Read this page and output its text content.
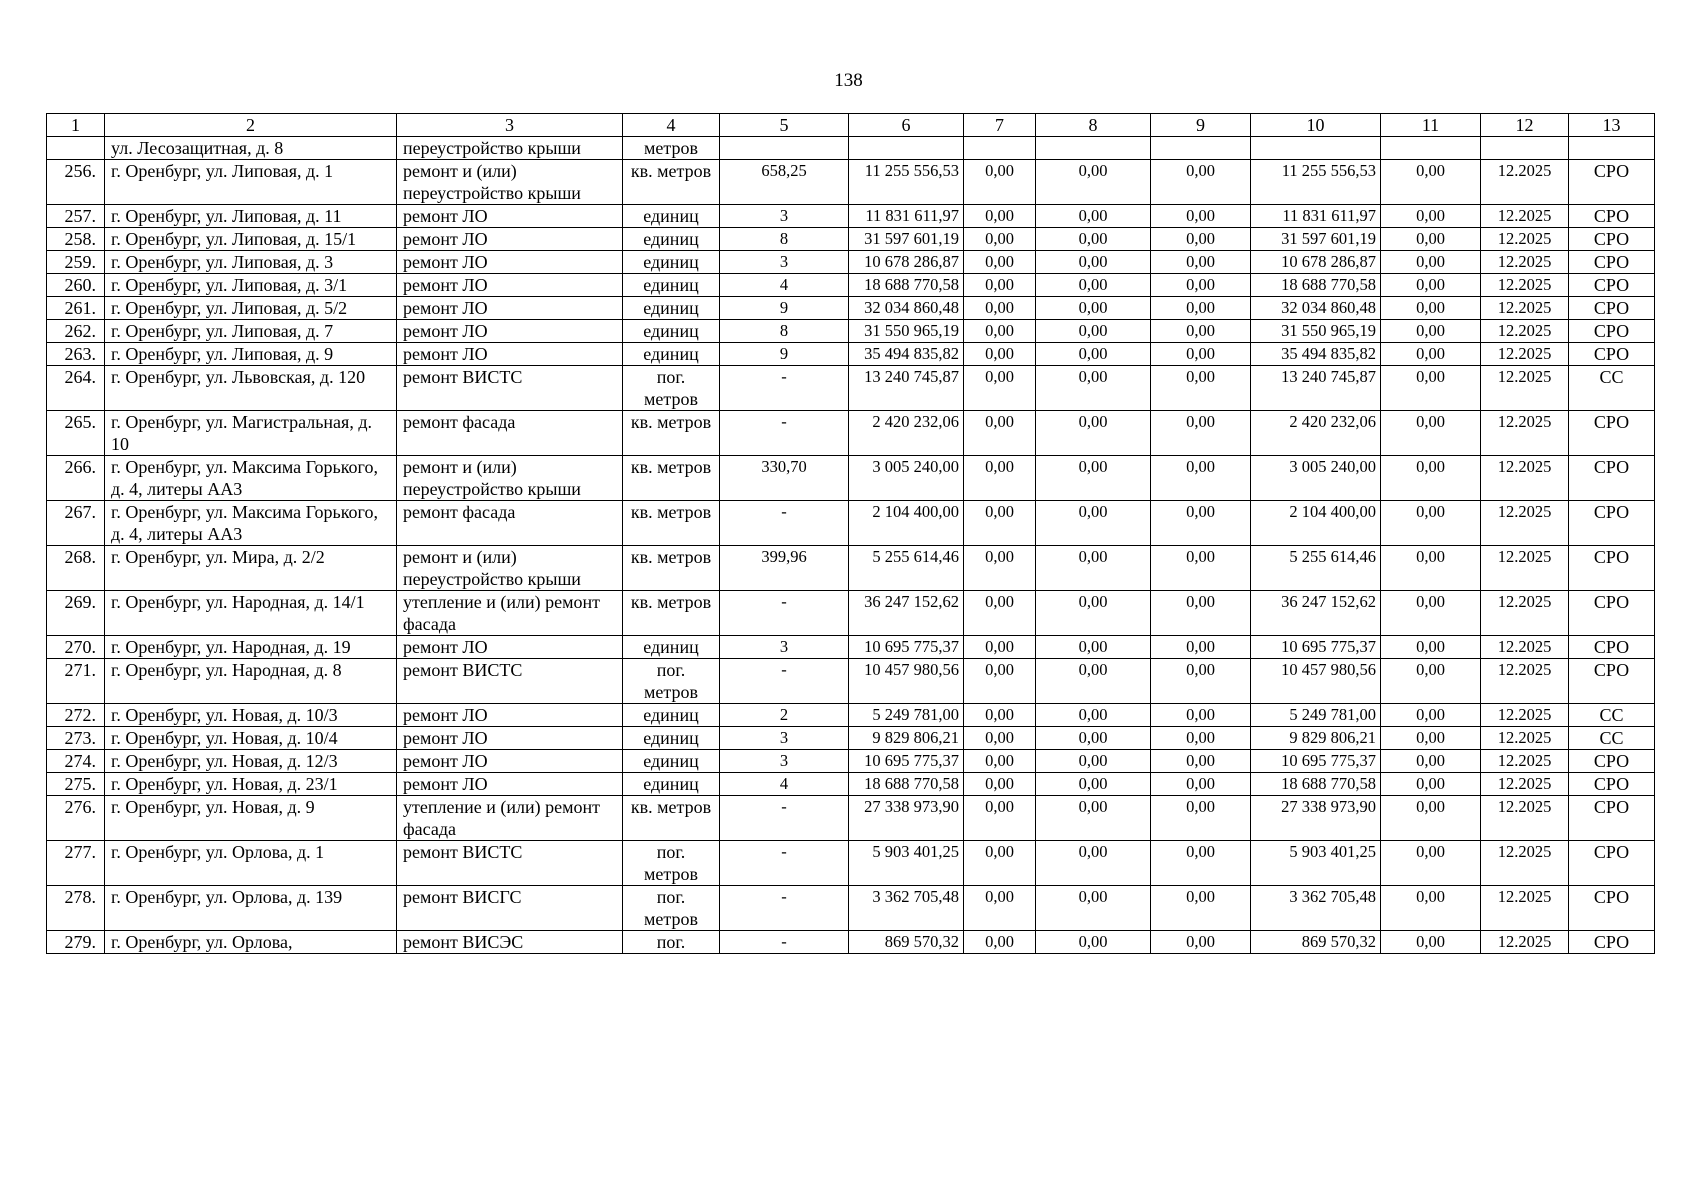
138
1	2	3	4	5	6	7	8	9	10	11	12	13
	ул. Лесозащитная, д. 8	переустройство крыши	метров									
256.	г. Оренбург, ул. Липовая, д. 1	ремонт и (или) переустройство крыши	кв. метров	658,25	11 255 556,53	0,00	0,00	0,00	11 255 556,53	0,00	12.2025	СРО
257.	г. Оренбург, ул. Липовая, д. 11	ремонт ЛО	единиц	3	11 831 611,97	0,00	0,00	0,00	11 831 611,97	0,00	12.2025	СРО
258.	г. Оренбург, ул. Липовая, д. 15/1	ремонт ЛО	единиц	8	31 597 601,19	0,00	0,00	0,00	31 597 601,19	0,00	12.2025	СРО
259.	г. Оренбург, ул. Липовая, д. 3	ремонт ЛО	единиц	3	10 678 286,87	0,00	0,00	0,00	10 678 286,87	0,00	12.2025	СРО
260.	г. Оренбург, ул. Липовая, д. 3/1	ремонт ЛО	единиц	4	18 688 770,58	0,00	0,00	0,00	18 688 770,58	0,00	12.2025	СРО
261.	г. Оренбург, ул. Липовая, д. 5/2	ремонт ЛО	единиц	9	32 034 860,48	0,00	0,00	0,00	32 034 860,48	0,00	12.2025	СРО
262.	г. Оренбург, ул. Липовая, д. 7	ремонт ЛО	единиц	8	31 550 965,19	0,00	0,00	0,00	31 550 965,19	0,00	12.2025	СРО
263.	г. Оренбург, ул. Липовая, д. 9	ремонт ЛО	единиц	9	35 494 835,82	0,00	0,00	0,00	35 494 835,82	0,00	12.2025	СРО
264.	г. Оренбург, ул. Львовская, д. 120	ремонт ВИСТС	пог. метров	-	13 240 745,87	0,00	0,00	0,00	13 240 745,87	0,00	12.2025	СС
265.	г. Оренбург, ул. Магистральная, д. 10	ремонт фасада	кв. метров	-	2 420 232,06	0,00	0,00	0,00	2 420 232,06	0,00	12.2025	СРО
266.	г. Оренбург, ул. Максима Горького, д. 4, литеры АА3	ремонт и (или) переустройство крыши	кв. метров	330,70	3 005 240,00	0,00	0,00	0,00	3 005 240,00	0,00	12.2025	СРО
267.	г. Оренбург, ул. Максима Горького, д. 4, литеры АА3	ремонт фасада	кв. метров	-	2 104 400,00	0,00	0,00	0,00	2 104 400,00	0,00	12.2025	СРО
268.	г. Оренбург, ул. Мира, д. 2/2	ремонт и (или) переустройство крыши	кв. метров	399,96	5 255 614,46	0,00	0,00	0,00	5 255 614,46	0,00	12.2025	СРО
269.	г. Оренбург, ул. Народная, д. 14/1	утепление и (или) ремонт фасада	кв. метров	-	36 247 152,62	0,00	0,00	0,00	36 247 152,62	0,00	12.2025	СРО
270.	г. Оренбург, ул. Народная, д. 19	ремонт ЛО	единиц	3	10 695 775,37	0,00	0,00	0,00	10 695 775,37	0,00	12.2025	СРО
271.	г. Оренбург, ул. Народная, д. 8	ремонт ВИСТС	пог. метров	-	10 457 980,56	0,00	0,00	0,00	10 457 980,56	0,00	12.2025	СРО
272.	г. Оренбург, ул. Новая, д. 10/3	ремонт ЛО	единиц	2	5 249 781,00	0,00	0,00	0,00	5 249 781,00	0,00	12.2025	СС
273.	г. Оренбург, ул. Новая, д. 10/4	ремонт ЛО	единиц	3	9 829 806,21	0,00	0,00	0,00	9 829 806,21	0,00	12.2025	СС
274.	г. Оренбург, ул. Новая, д. 12/3	ремонт ЛО	единиц	3	10 695 775,37	0,00	0,00	0,00	10 695 775,37	0,00	12.2025	СРО
275.	г. Оренбург, ул. Новая, д. 23/1	ремонт ЛО	единиц	4	18 688 770,58	0,00	0,00	0,00	18 688 770,58	0,00	12.2025	СРО
276.	г. Оренбург, ул. Новая, д. 9	утепление и (или) ремонт фасада	кв. метров	-	27 338 973,90	0,00	0,00	0,00	27 338 973,90	0,00	12.2025	СРО
277.	г. Оренбург, ул. Орлова, д. 1	ремонт ВИСТС	пог. метров	-	5 903 401,25	0,00	0,00	0,00	5 903 401,25	0,00	12.2025	СРО
278.	г. Оренбург, ул. Орлова, д. 139	ремонт ВИСГС	пог. метров	-	3 362 705,48	0,00	0,00	0,00	3 362 705,48	0,00	12.2025	СРО
279.	г. Оренбург, ул. Орлова,	ремонт ВИСЭС	пог.	-	869 570,32	0,00	0,00	0,00	869 570,32	0,00	12.2025	СРО
